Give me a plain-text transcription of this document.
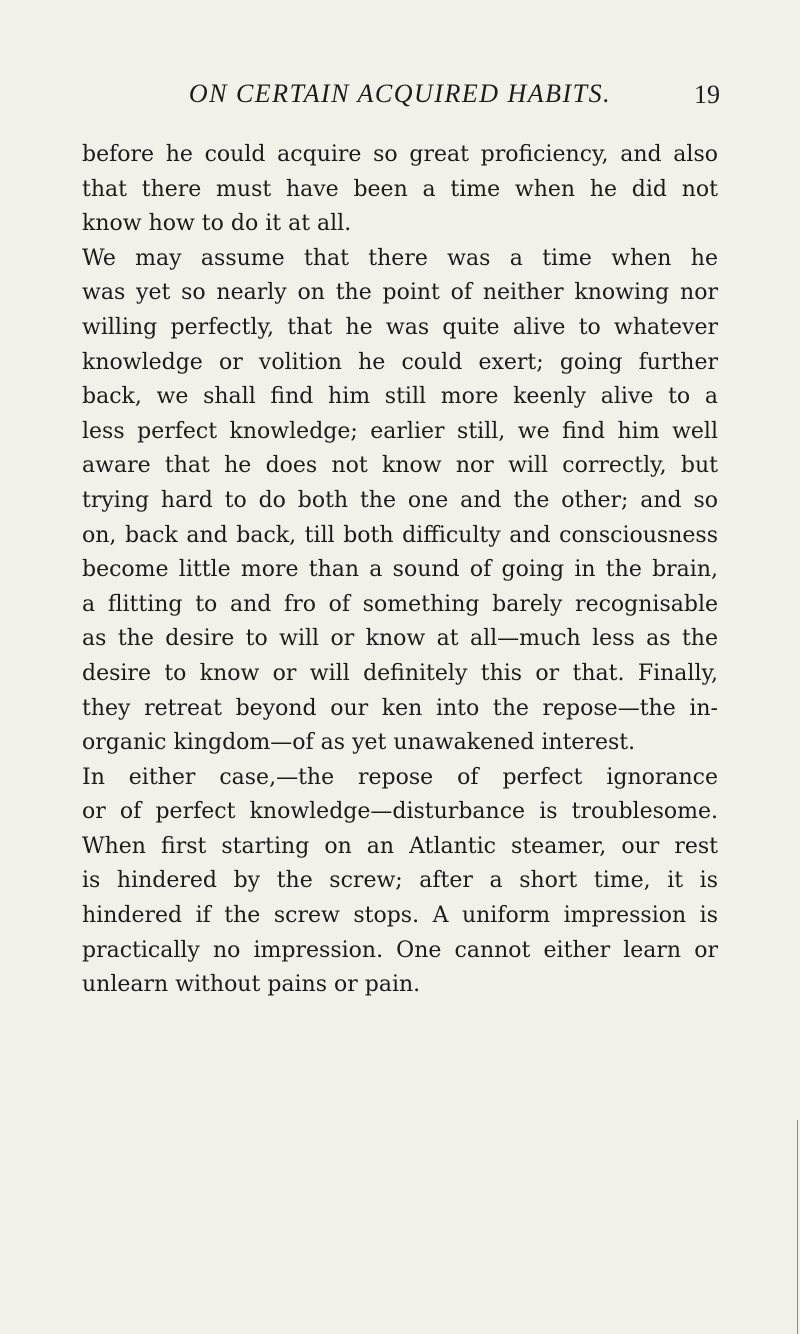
ON CERTAIN ACQUIRED HABITS.	19
before he could acquire so great proficiency, and also
that there must have been a time when he did not
know how to do it at all.
We may assume that there was a time when he
was yet so nearly on the point of neither knowing nor
willing perfectly, that he was quite alive to whatever
knowledge or volition he could exert; going further
back, we shall find him still more keenly alive to a
less perfect knowledge; earlier still, we find him well
aware that he does not know nor will correctly, but
trying hard to do both the one and the other; and so
on, back and back, till both difficulty and consciousness
become little more than a sound of going in the brain,
a flitting to and fro of something barely recognisable
as the desire to will or know at all—much less as the
desire to know or will definitely this or that. Finally,
they retreat beyond our ken into the repose—the in-
organic kingdom—of as yet unawakened interest.
In either case,—the repose of perfect ignorance
or of perfect knowledge—disturbance is troublesome.
When first starting on an Atlantic steamer, our rest
is hindered by the screw; after a short time, it is
hindered if the screw stops. A uniform impression is
practically no impression. One cannot either learn or
unlearn without pains or pain.
